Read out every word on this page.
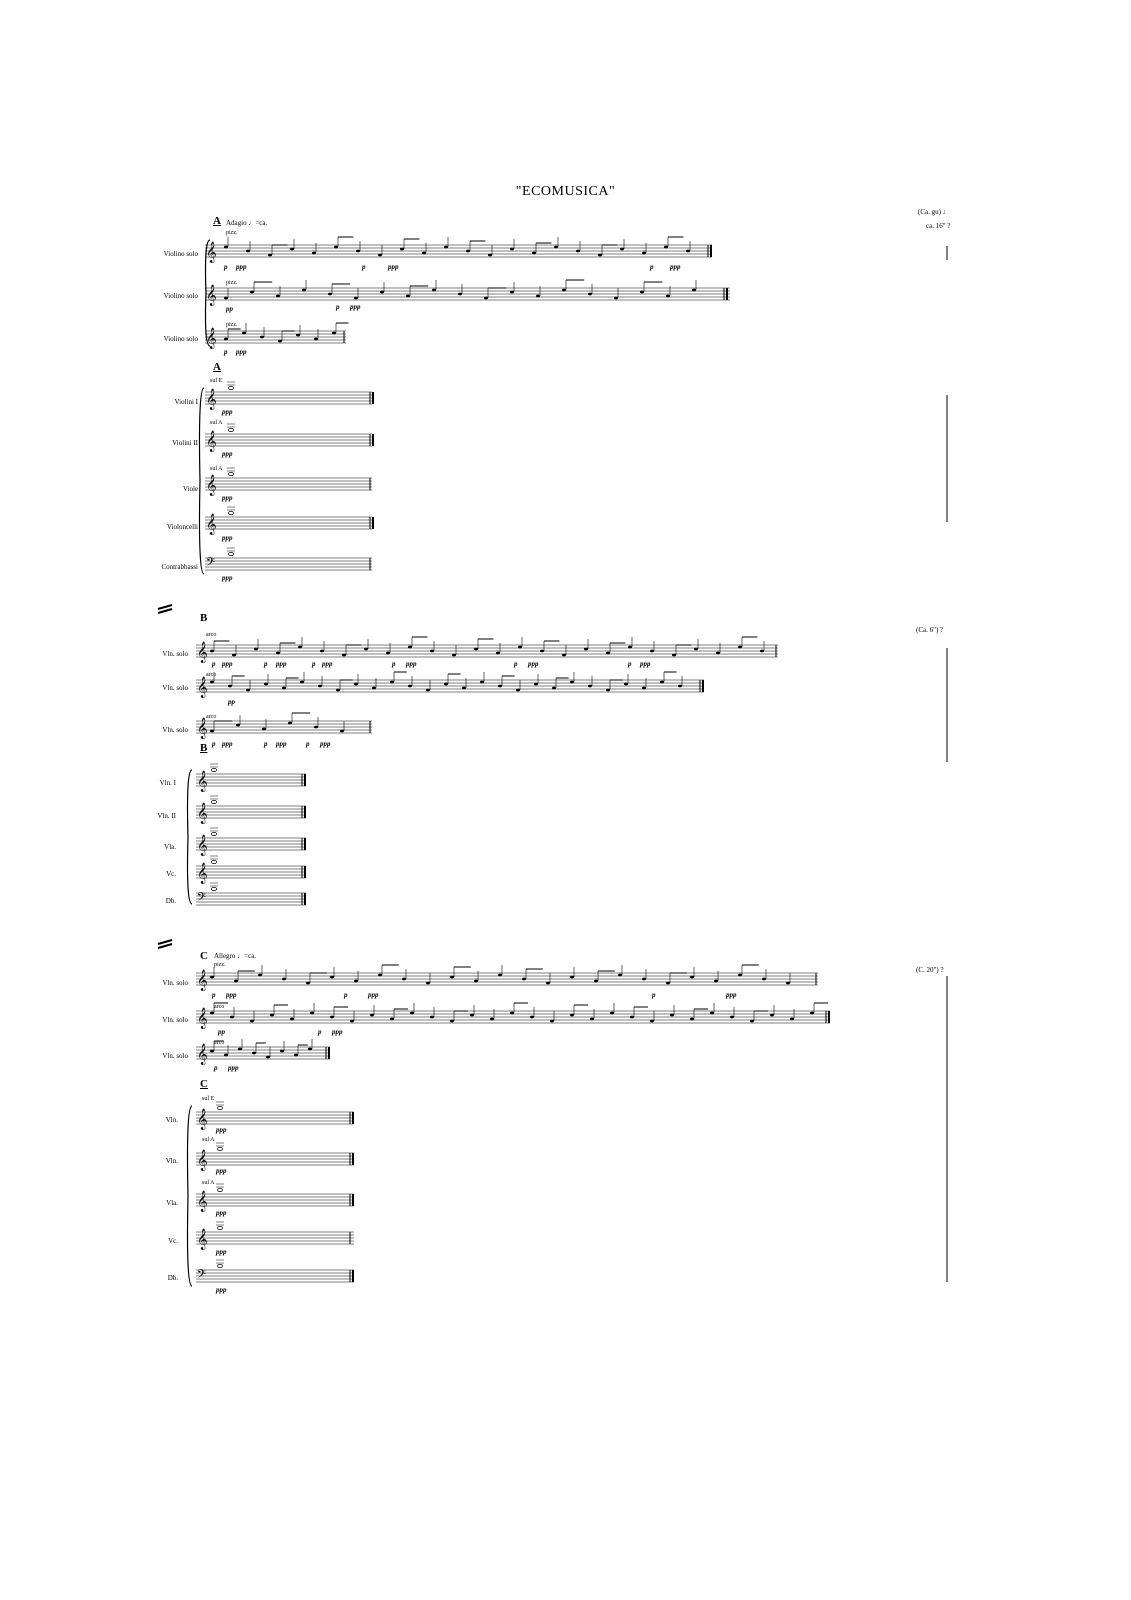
"ECOMUSICA"
𝄞
𝄞
𝄞
𝄞
𝄞
𝄞
𝄞
𝄢
𝄞
𝄞
𝄞
𝄞
𝄞
𝄞
𝄞
𝄢
𝄞
𝄞
𝄞
𝄞
𝄞
𝄞
𝄞
𝄢
A Adagio ♩=ca.
(Ca. gu) ♩
ca. 16" ?
Violino solo
Violino solo
Violino solo
pizz.
pizz.
pizz.
p ppp	p	ppp	p ppp
pp	p ppp
p ppp
A
Violini I
Violini II
Viole
Violoncelli
Contrabbassi
sul E
sul A
sul A
ppp
ppp
ppp
ppp
ppp
B
(Ca. 6") ?
Vln. solo
Vln. solo
Vln. solo
arco
arco
arco
p ppp	p ppp	p ppp	p ppp	p ppp	p ppp
pp
p ppp	p ppp	p ppp
B
Vln. I
Vln. II
Vla.
Vc.
Db.
C Allegro ♩=ca.
(C. 20") ?
Vln. solo
Vln. solo
Vln. solo
pizz.
arco
arco
p ppp	p	ppp	p	ppp
pp	p ppp
p ppp
C
Vln.
Vln.
Vla.
Vc.
Db.
sul E
sul A
sul A
ppp
ppp
ppp
ppp
ppp
